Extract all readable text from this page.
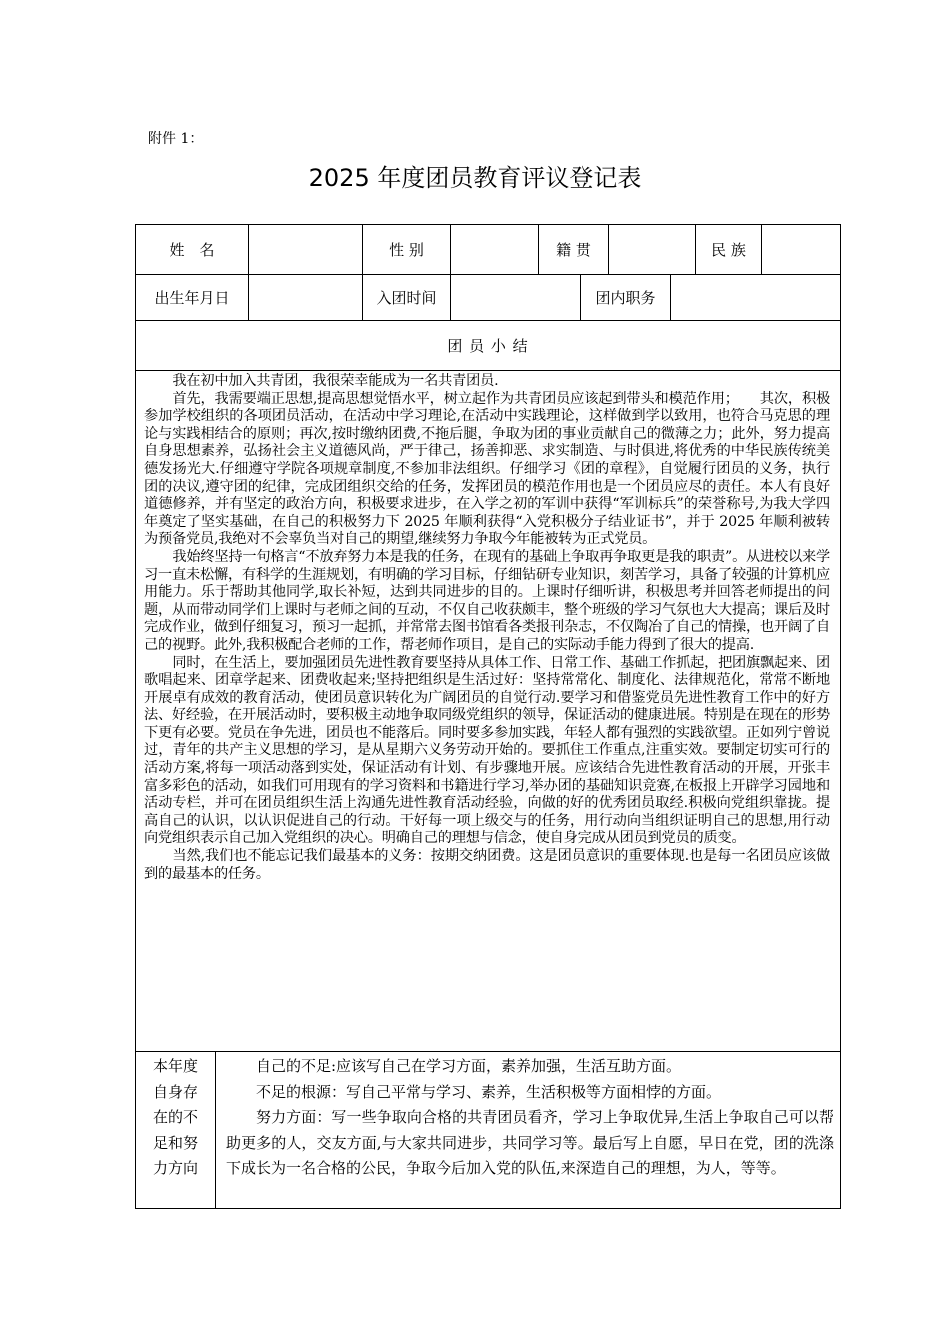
附件 1：
2025 年度团员教育评议登记表
姓　名	性 别	籍 贯	民 族
出生年月日	入团时间	团内职务
团 员 小 结

我在初中加入共青团，我很荣幸能成为一名共青团员.

首先，我需要端正思想,提高思想觉悟水平，树立起作为共青团员应该起到带头和模范作用；　　其次，积极参加学校组织的各项团员活动，在活动中学习理论,在活动中实践理论，这样做到学以致用，也符合马克思的理论与实践相结合的原则；再次,按时缴纳团费,不拖后腿，争取为团的事业贡献自己的微薄之力；此外，努力提高自身思想素养，弘扬社会主义道德风尚，严于律己，扬善抑恶、求实制造、与时俱进,将优秀的中华民族传统美德发扬光大.仔细遵守学院各项规章制度,不参加非法组织。仔细学习《团的章程》，自觉履行团员的义务，执行团的决议,遵守团的纪律，完成团组织交给的任务，发挥团员的模范作用也是一个团员应尽的责任。本人有良好道德修养，并有坚定的政治方向，积极要求进步，在入学之初的军训中获得“军训标兵”的荣誉称号,为我大学四年奠定了坚实基础，在自己的积极努力下 2025 年顺利获得“入党积极分子结业证书”，并于 2025 年顺利被转为预备党员,我绝对不会辜负当对自己的期望,继续努力争取今年能被转为正式党员。

我始终坚持一句格言“不放弃努力本是我的任务，在现有的基础上争取再争取更是我的职责”。从进校以来学习一直未松懈，有科学的生涯规划，有明确的学习目标，仔细钻研专业知识，刻苦学习，具备了较强的计算机应用能力。乐于帮助其他同学,取长补短，达到共同进步的目的。上课时仔细听讲，积极思考并回答老师提出的问题，从而带动同学们上课时与老师之间的互动，不仅自己收获颇丰，整个班级的学习气氛也大大提高；课后及时完成作业，做到仔细复习，预习一起抓，并常常去图书馆看各类报刊杂志，不仅陶冶了自己的情操，也开阔了自己的视野。此外,我积极配合老师的工作，帮老师作项目，是自己的实际动手能力得到了很大的提高.

同时，在生活上，要加强团员先进性教育要坚持从具体工作、日常工作、基础工作抓起，把团旗飘起来、团歌唱起来、团章学起来、团费收起来;坚持把组织是生活过好：坚持常常化、制度化、法律规范化，常常不断地开展卓有成效的教育活动，使团员意识转化为广阔团员的自觉行动.要学习和借鉴党员先进性教育工作中的好方法、好经验，在开展活动时，要积极主动地争取同级党组织的领导，保证活动的健康进展。特别是在现在的形势下更有必要。党员在争先进，团员也不能落后。同时要多参加实践，年轻人都有强烈的实践欲望。正如列宁曾说过，青年的共产主义思想的学习，是从星期六义务劳动开始的。要抓住工作重点,注重实效。要制定切实可行的活动方案,将每一项活动落到实处，保证活动有计划、有步骤地开展。应该结合先进性教育活动的开展，开张丰富多彩色的活动，如我们可用现有的学习资料和书籍进行学习,举办团的基础知识竞赛,在板报上开辟学习园地和活动专栏，并可在团员组织生活上沟通先进性教育活动经验，向做的好的优秀团员取经.积极向党组织靠拢。提高自己的认识，以认识促进自己的行动。干好每一项上级交与的任务，用行动向当组织证明自己的思想,用行动向党组织表示自己加入党组织的决心。明确自己的理想与信念，使自身完成从团员到党员的质变。

当然,我们也不能忘记我们最基本的义务：按期交纳团费。这是团员意识的重要体现.也是每一名团员应该做到的最基本的任务。

本年度自身存在的不足和努力方向

自己的不足:应该写自己在学习方面，素养加强，生活互助方面。

不足的根源：写自己平常与学习、素养，生活积极等方面相悖的方面。

努力方面：写一些争取向合格的共青团员看齐，学习上争取优异,生活上争取自己可以帮助更多的人，交友方面,与大家共同进步，共同学习等。最后写上自愿，早日在党，团的洗涤下成长为一名合格的公民，争取今后加入党的队伍,来深造自己的理想，为人，等等。
